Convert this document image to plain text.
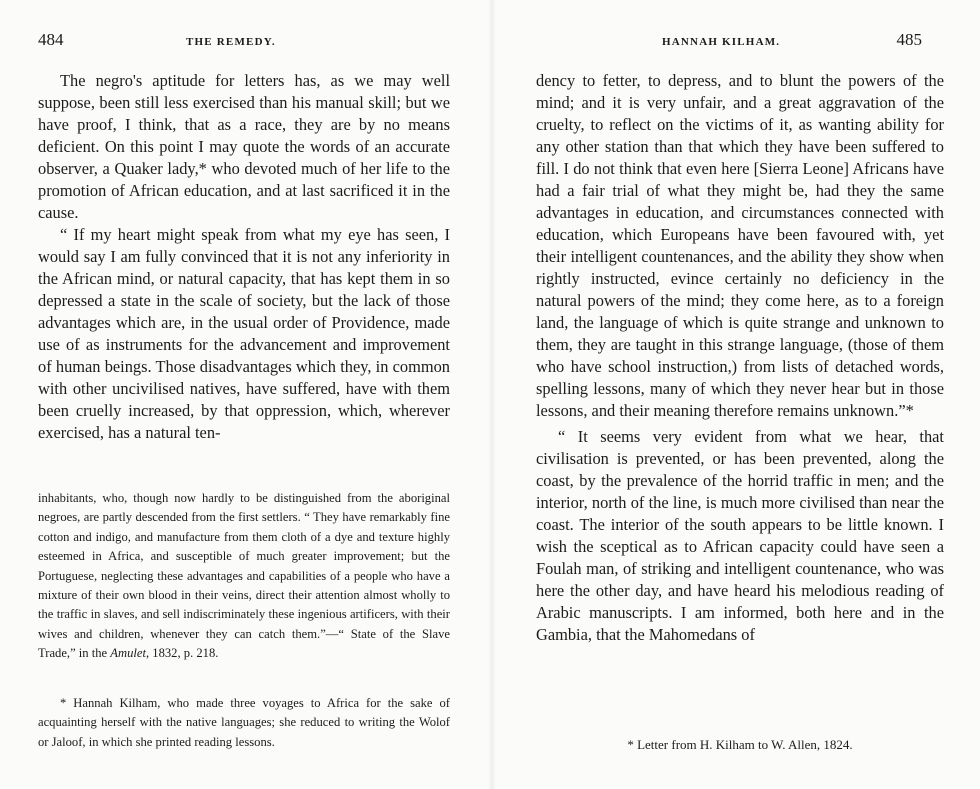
484	THE REMEDY.

The negro's aptitude for letters has, as we may well suppose, been still less exercised than his manual skill; but we have proof, I think, that as a race, they are by no means deficient. On this point I may quote the words of an accurate observer, a Quaker lady,* who devoted much of her life to the promotion of African education, and at last sacrificed it in the cause.

“ If my heart might speak from what my eye has seen, I would say I am fully convinced that it is not any inferiority in the African mind, or natural capacity, that has kept them in so depressed a state in the scale of society, but the lack of those advantages which are, in the usual order of Providence, made use of as instruments for the advancement and improvement of human beings. Those disadvantages which they, in common with other uncivilised natives, have suffered, have with them been cruelly increased, by that oppression, which, wherever exercised, has a natural ten-

inhabitants, who, though now hardly to be distinguished from the aboriginal negroes, are partly descended from the first settlers. “ They have remarkably fine cotton and indigo, and manufacture from them cloth of a dye and texture highly esteemed in Africa, and susceptible of much greater improvement; but the Portuguese, neglecting these advantages and capabilities of a people who have a mixture of their own blood in their veins, direct their attention almost wholly to the traffic in slaves, and sell indiscriminately these ingenious artificers, with their wives and children, whenever they can catch them.”—“ State of the Slave Trade,” in the Amulet, 1832, p. 218.

* Hannah Kilham, who made three voyages to Africa for the sake of acquainting herself with the native languages; she reduced to writing the Wolof or Jaloof, in which she printed reading lessons.

HANNAH KILHAM.	485

dency to fetter, to depress, and to blunt the powers of the mind; and it is very unfair, and a great aggravation of the cruelty, to reflect on the victims of it, as wanting ability for any other station than that which they have been suffered to fill. I do not think that even here [Sierra Leone] Africans have had a fair trial of what they might be, had they the same advantages in education, and circumstances connected with education, which Europeans have been favoured with, yet their intelligent countenances, and the ability they show when rightly instructed, evince certainly no deficiency in the natural powers of the mind; they come here, as to a foreign land, the language of which is quite strange and unknown to them, they are taught in this strange language, (those of them who have school instruction,) from lists of detached words, spelling lessons, many of which they never hear but in those lessons, and their meaning therefore remains unknown.”*

“ It seems very evident from what we hear, that civilisation is prevented, or has been prevented, along the coast, by the prevalence of the horrid traffic in men; and the interior, north of the line, is much more civilised than near the coast. The interior of the south appears to be little known. I wish the sceptical as to African capacity could have seen a Foulah man, of striking and intelligent countenance, who was here the other day, and have heard his melodious reading of Arabic manuscripts. I am informed, both here and in the Gambia, that the Mahomedans of

* Letter from H. Kilham to W. Allen, 1824.
